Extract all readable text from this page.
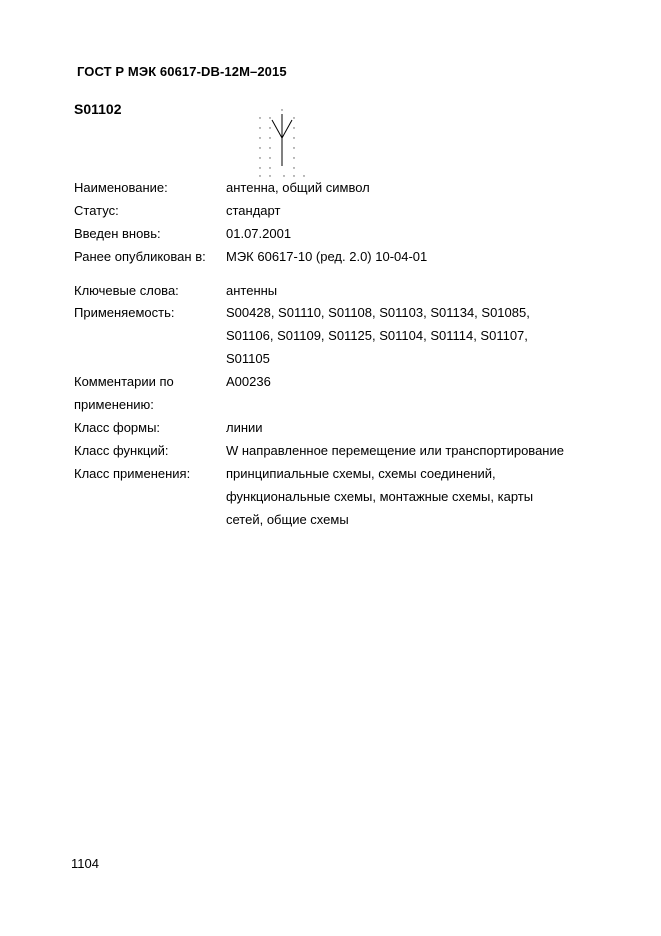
ГОСТ Р МЭК 60617-DB-12M–2015
S01102
Наименование:	антенна, общий символ
Статус:	стандарт
Введен вновь:	01.07.2001
Ранее опубликован в:	МЭК 60617-10 (ред. 2.0) 10-04-01
Ключевые слова:	антенны
Применяемость:	S00428, S01110, S01108, S01103, S01134, S01085,
S01106, S01109, S01125, S01104, S01114, S01107,
S01105
Комментарии по
применению:
A00236
Класс формы:	линии
Класс функций:	W направленное перемещение или транспортирование
Класс применения:	принципиальные схемы, схемы соединений,
функциональные схемы, монтажные схемы, карты
сетей, общие схемы
1104
